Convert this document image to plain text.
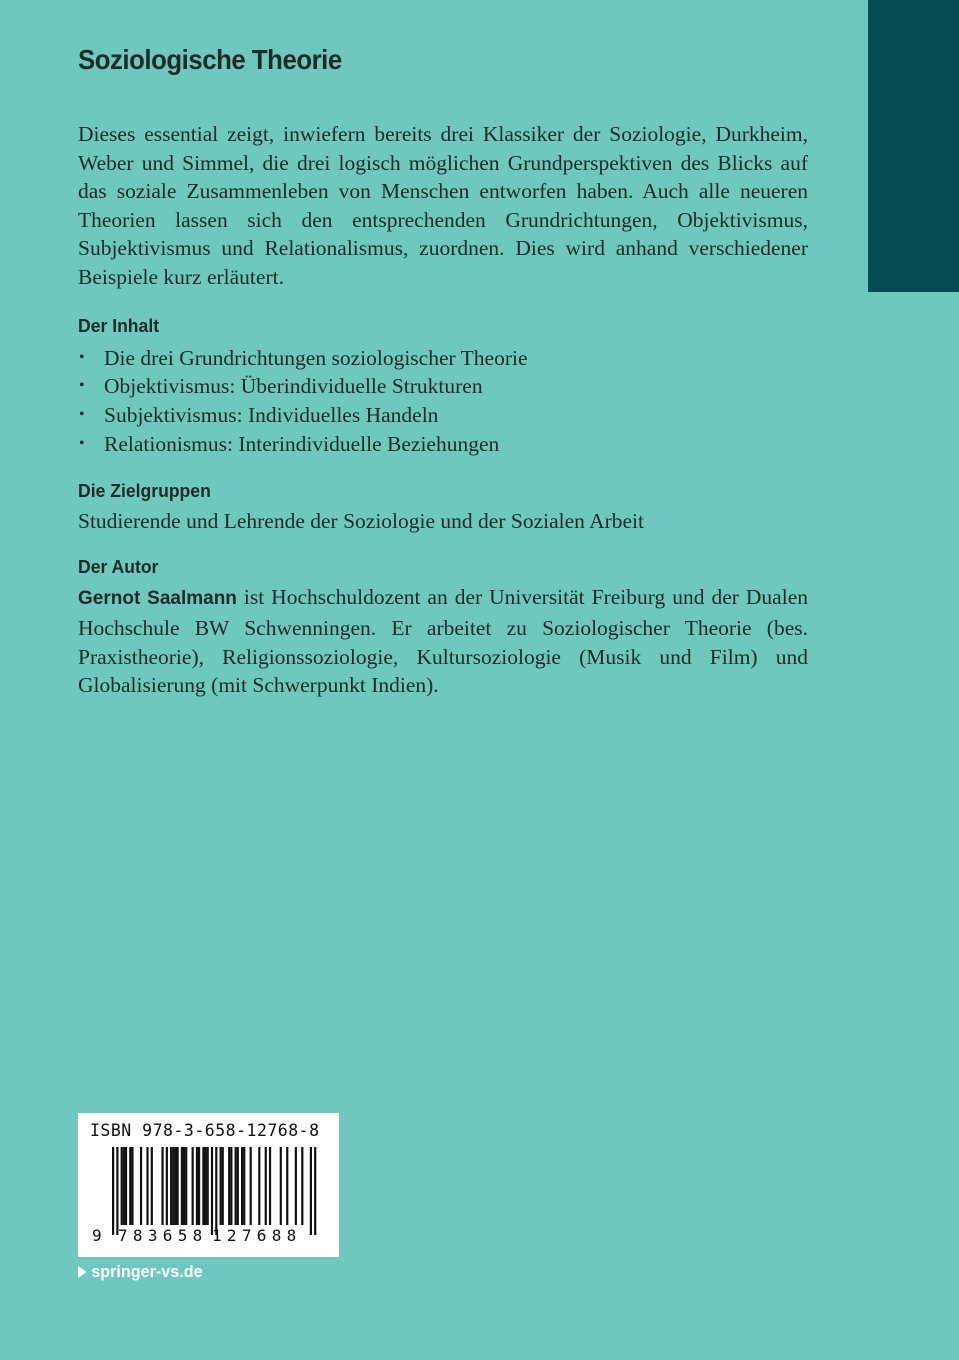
Soziologische Theorie

Dieses essential zeigt, inwiefern bereits drei Klassiker der Soziologie, Durkheim, Weber und Simmel, die drei logisch möglichen Grundperspektiven des Blicks auf das soziale Zusammenleben von Menschen entworfen haben. Auch alle neueren Theorien lassen sich den entsprechenden Grundrichtungen, Objektivismus, Subjektivismus und Relationalismus, zuordnen. Dies wird anhand verschiedener Beispiele kurz erläutert.

Der Inhalt
• Die drei Grundrichtungen soziologischer Theorie
• Objektivismus: Überindividuelle Strukturen
• Subjektivismus: Individuelles Handeln
• Relationismus: Interindividuelle Beziehungen
Die Zielgruppen

Studierende und Lehrende der Soziologie und der Sozialen Arbeit

Der Autor

Gernot Saalmann ist Hochschuldozent an der Universität Freiburg und der Dualen Hochschule BW Schwenningen. Er arbeitet zu Soziologischer Theorie (bes. Praxistheorie), Religionssoziologie, Kultursoziologie (Musik und Film) und Globalisierung (mit Schwerpunkt Indien).

ISBN 978-3-658-12768-8
9 783658 127688
springer-vs.de
